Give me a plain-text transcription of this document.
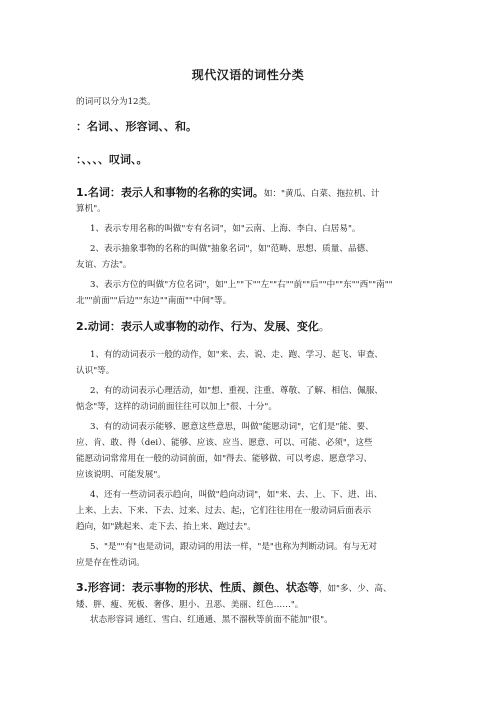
现代汉语的词性分类
的词可以分为12类。
：名词、、形容词、、和。
：、、、、叹词、。
1.名词：表示人和事物的名称的实词。如："黄瓜、白菜、拖拉机、计
算机"。
1、表示专用名称的叫做"专有名词"，如"云南、上海、李白、白居易"。
2、表示抽象事物的名称的叫做"抽象名词"，如"范畴、思想、质量、品德、
友谊、方法"。
3、表示方位的叫做"方位名词"，如"上""下""左""右""前""后""中""东""西""南""
北""前面""后边""东边""南面""中间"等。
2.动词：表示人或事物的动作、行为、发展、变化。
1、有的动词表示一般的动作，如"来、去、说、走、跑、学习、起飞、审查、
认识"等。
2、有的动词表示心理活动，如"想、重视、注重、尊敬、了解、相信、佩服、
惦念"等，这样的动词前面往往可以加上"很、十分"。
3、有的动词表示能够、愿意这些意思，叫做"能愿动词"，它们是"能、要、
应、肯、敢、得（dei）、能够、应该、应当、愿意、可以、可能、必须"，这些
能愿动词常常用在一般的动词前面，如"得去、能够做、可以考虑、愿意学习、
应该说明、可能发展"。
4、还有一些动词表示趋向，叫做"趋向动词"，如"来、去、上、下、进、出、
上来、上去、下来、下去、过来、过去、起;，它们往往用在一般动词后面表示
趋向，如"跳起来、走下去、抬上来、跑过去"。
5、"是""有"也是动词，跟动词的用法一样，"是"也称为判断动词。有与无对
应是存在性动词。
3.形容词：表示事物的形状、性质、颜色、状态等，如"多、少、高、
矮、胖、瘦、死板、奢侈、胆小、丑恶、美丽、红色……"。
状态形容词 通红、雪白、红通通、黑不溜秋等前面不能加"很"。
